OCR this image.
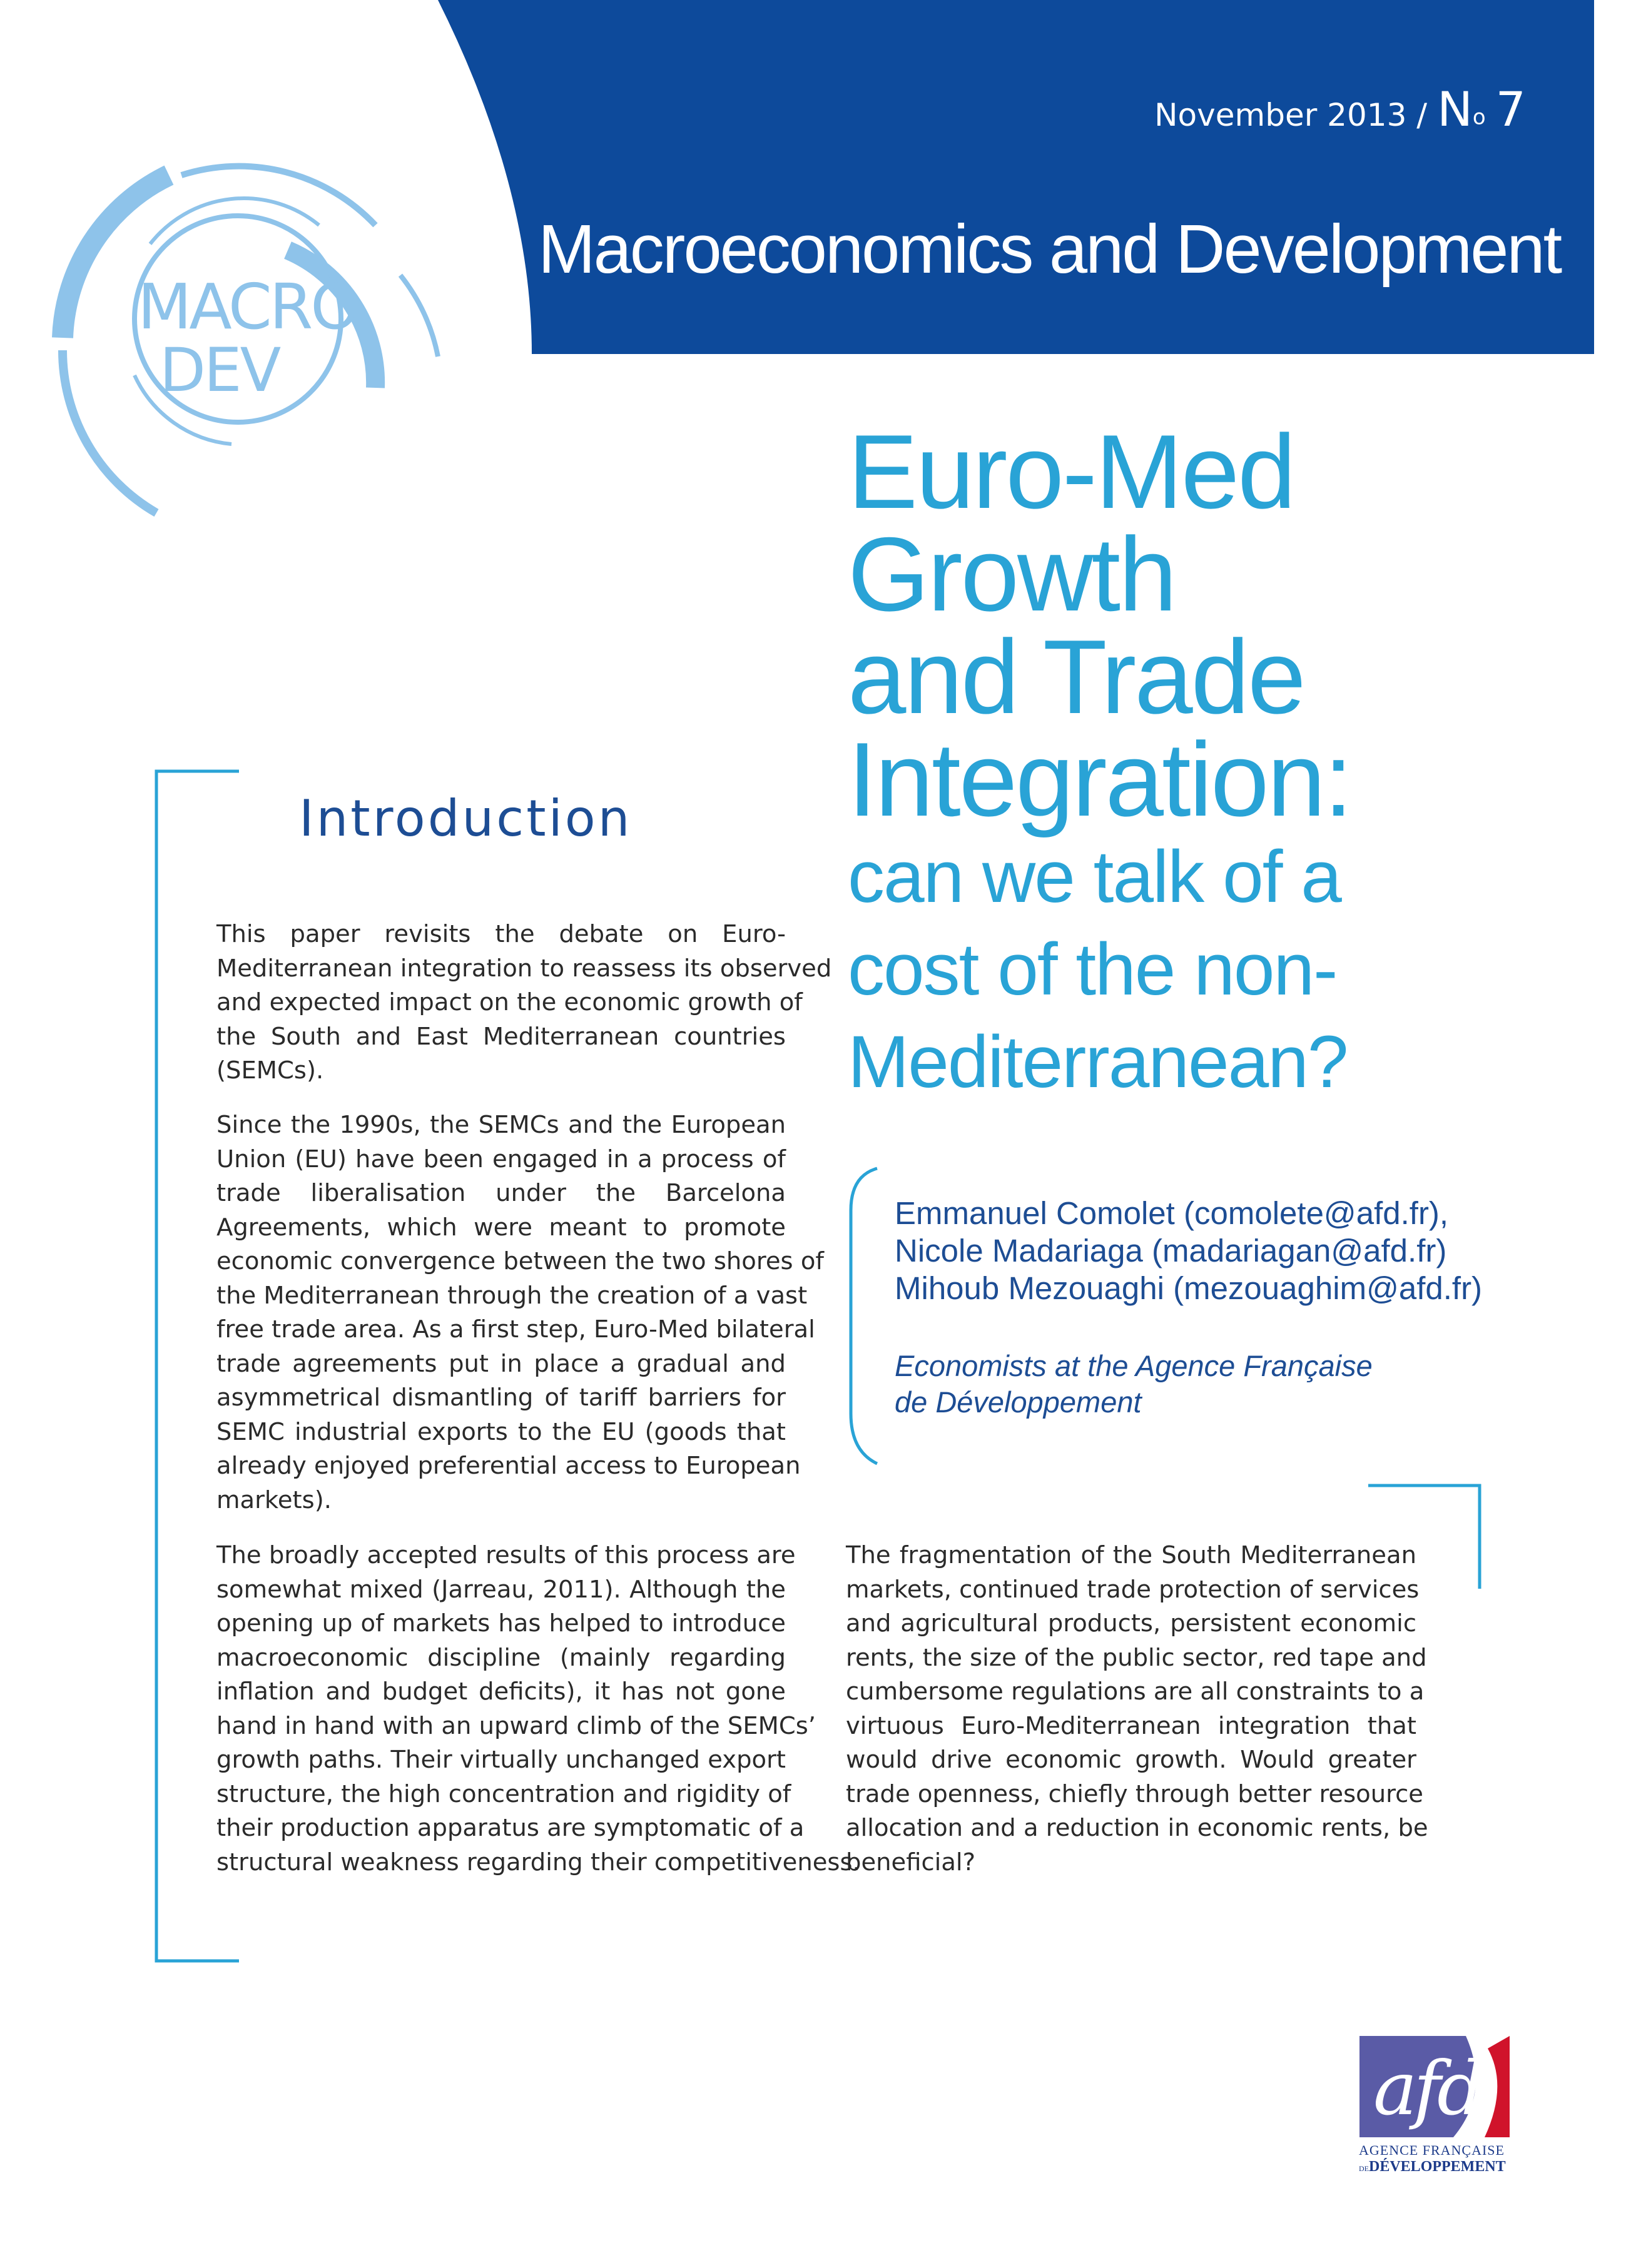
November 2013 / No 7
Macroeconomics and Development
MACRO
DEV
Euro-Med
Growth
and Trade
Integration:
can we talk of a
cost of the non-
Mediterranean?
Emmanuel Comolet (comolete@afd.fr),
Nicole Madariaga (madariagan@afd.fr)
Mihoub Mezouaghi (mezouaghim@afd.fr)
Economists at the Agence Française
de Développement
Introduction
This paper revisits the debate on Euro-
Mediterranean integration to reassess its observed
and expected impact on the economic growth of
the South and East Mediterranean countries
(SEMCs).
Since the 1990s, the SEMCs and the European
Union (EU) have been engaged in a process of
trade liberalisation under the Barcelona
Agreements, which were meant to promote
economic convergence between the two shores of
the Mediterranean through the creation of a vast
free trade area. As a first step, Euro-Med bilateral
trade agreements put in place a gradual and
asymmetrical dismantling of tariff barriers for
SEMC industrial exports to the EU (goods that
already enjoyed preferential access to European
markets).
The broadly accepted results of this process are
somewhat mixed (Jarreau, 2011). Although the
opening up of markets has helped to introduce
macroeconomic discipline (mainly regarding
inflation and budget deficits), it has not gone
hand in hand with an upward climb of the SEMCs’
growth paths. Their virtually unchanged export
structure, the high concentration and rigidity of
their production apparatus are symptomatic of a
structural weakness regarding their competitiveness.
The fragmentation of the South Mediterranean
markets, continued trade protection of services
and agricultural products, persistent economic
rents, the size of the public sector, red tape and
cumbersome regulations are all constraints to a
virtuous Euro-Mediterranean integration that
would drive economic growth. Would greater
trade openness, chiefly through better resource
allocation and a reduction in economic rents, be
beneficial?
afd
AGENCE FRANÇAISE
DEDÉVELOPPEMENT
